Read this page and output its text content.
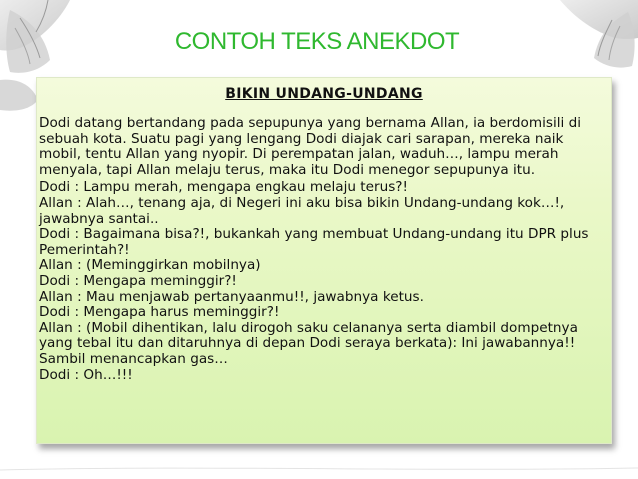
CONTOH TEKS ANEKDOT
BIKIN UNDANG-UNDANG

Dodi datang bertandang pada sepupunya yang bernama Allan, ia berdomisili di sebuah kota. Suatu pagi yang lengang Dodi diajak cari sarapan, mereka naik mobil, tentu Allan yang nyopir. Di perempatan jalan, waduh…, lampu merah menyala, tapi Allan melaju terus, maka itu Dodi menegor sepupunya itu.

Dodi : Lampu merah, mengapa engkau melaju terus?!

Allan : Alah…, tenang aja, di Negeri ini aku bisa bikin Undang-undang kok…!, jawabnya santai..

Dodi : Bagaimana bisa?!, bukankah yang membuat Undang-undang itu DPR plus Pemerintah?!

Allan : (Meminggirkan mobilnya)

Dodi : Mengapa meminggir?!

Allan : Mau menjawab pertanyaanmu!!, jawabnya ketus.

Dodi : Mengapa harus meminggir?!

Allan : (Mobil dihentikan, lalu dirogoh saku celananya serta diambil dompetnya yang tebal itu dan ditaruhnya di depan Dodi seraya berkata): Ini jawabannya!! Sambil menancapkan gas…

Dodi : Oh…!!!
